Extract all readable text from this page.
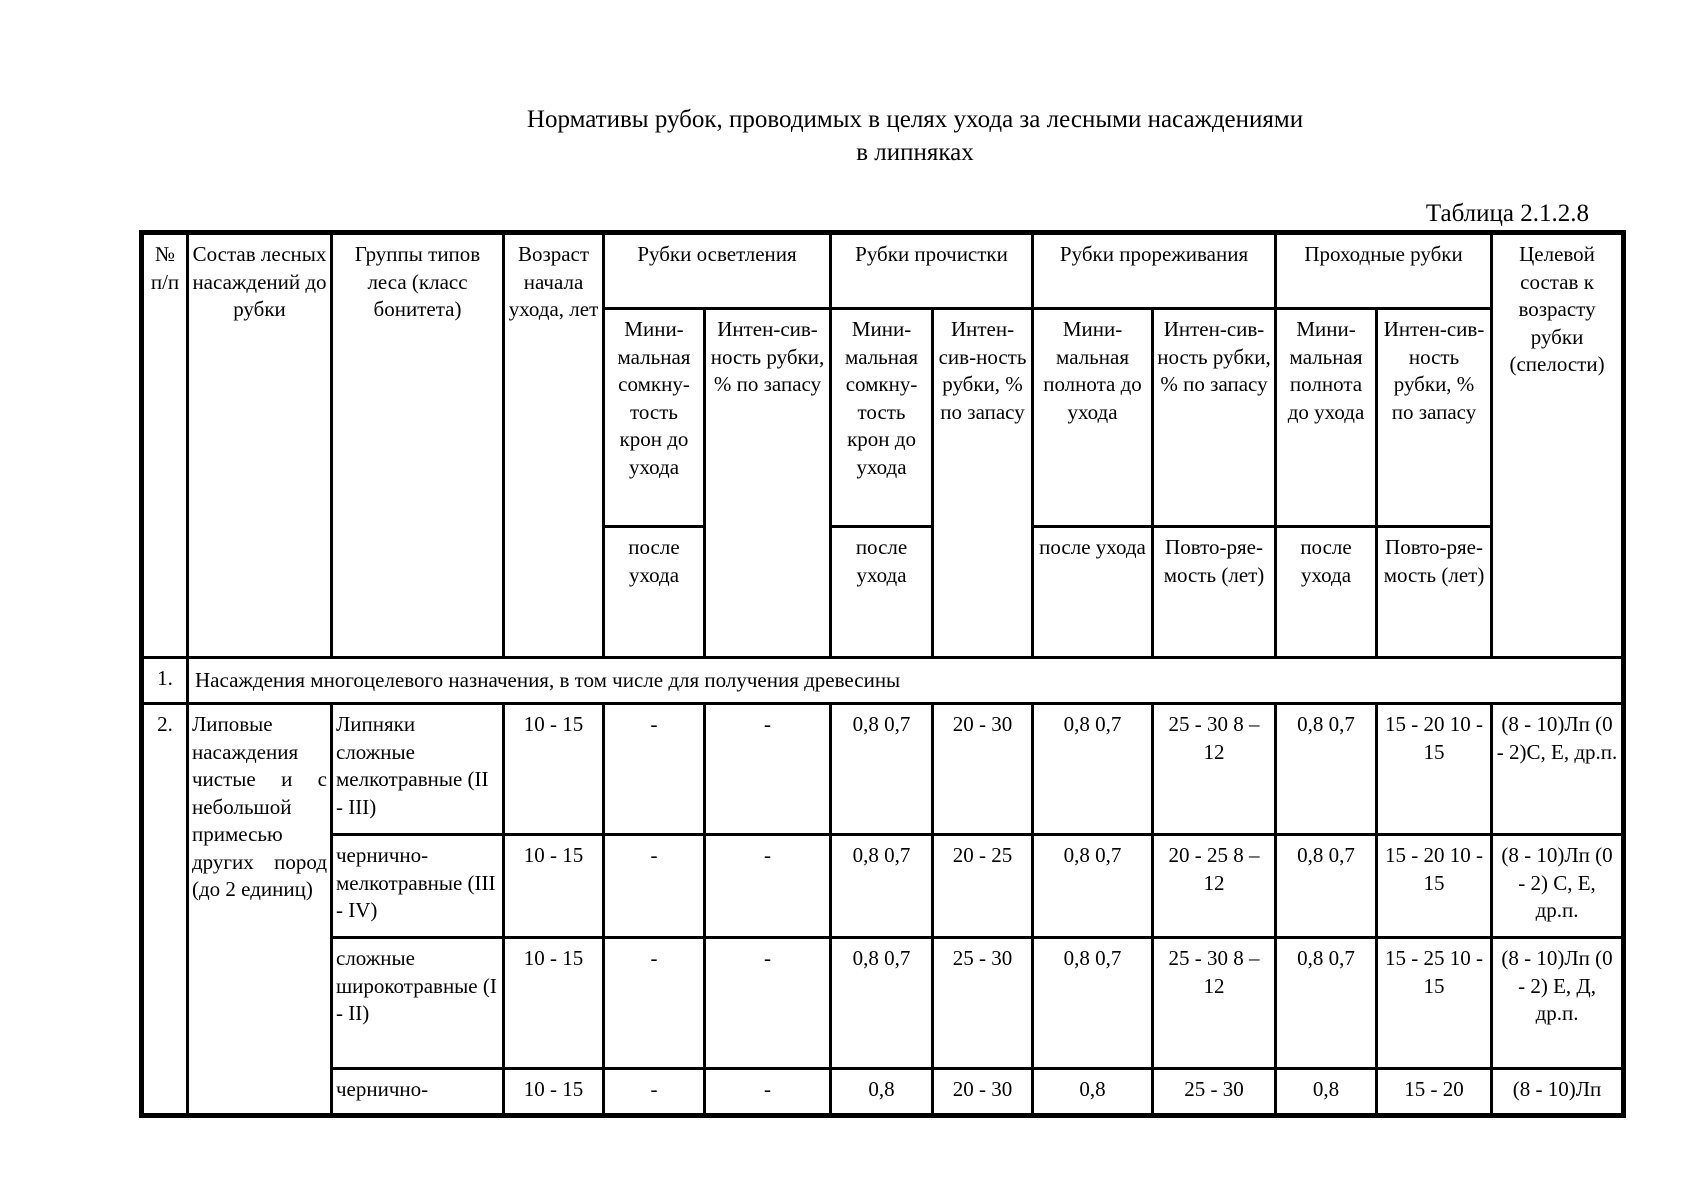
Нормативы рубок, проводимых в целях ухода за лесными насаждениями
в липняках
Таблица 2.1.2.8
№ п/п	Состав лесных насаждений до рубки	Группы типов леса (класс бонитета)	Возраст начала ухода, лет	Рубки осветления		Рубки прочистки		Рубки прореживания		Проходные рубки		Целевой состав к возрасту рубки (спелости)
				Мини-мальная сомкну-тость крон до ухода	Интен-сив-ность рубки, % по запасу	Мини-мальная сомкну-тость крон до ухода	Интен-сив-ность рубки, % по запасу	Мини-мальная полнота до ухода	Интен-сив-ность рубки, % по запасу	Мини-мальная полнота до ухода	Интен-сив-ность рубки, % по запасу	
				после ухода		после ухода		после ухода	Повто-ряе-мость (лет)	после ухода	Повто-ряе-мость (лет)	
1.	Насаждения многоцелевого назначения, в том числе для получения древесины											
2.	Липовые насаждения чистые и с небольшой примесью других пород (до 2 единиц)	Липняки сложные мелкотравные (II - III)	10 - 15	-	-	0,8 0,7	20 - 30	0,8 0,7	25 - 30 8 – 12	0,8 0,7	15 - 20 10 - 15	(8 - 10)Лп (0 - 2)С, Е, др.п.
		чернично-мелкотравные (III - IV)	10 - 15	-	-	0,8 0,7	20 - 25	0,8 0,7	20 - 25 8 – 12	0,8 0,7	15 - 20 10 - 15	(8 - 10)Лп (0 - 2) С, Е, др.п.
		сложные широкотравные (I - II)	10 - 15	-	-	0,8 0,7	25 - 30	0,8 0,7	25 - 30 8 – 12	0,8 0,7	15 - 25 10 - 15	(8 - 10)Лп (0 - 2) Е, Д, др.п.
		чернично-	10 - 15	-	-	0,8	20 - 30	0,8	25 - 30	0,8	15 - 20	(8 - 10)Лп
